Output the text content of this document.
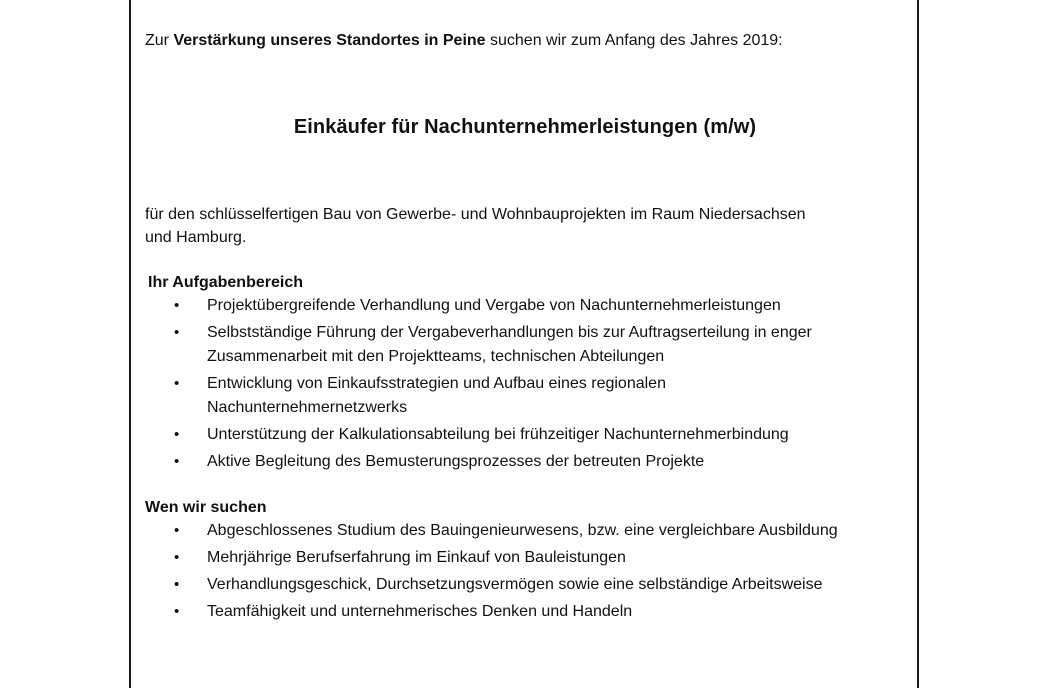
Zur Verstärkung unseres Standortes in Peine suchen wir zum Anfang des Jahres 2019:

Einkäufer für Nachunternehmerleistungen (m/w)

für den schlüsselfertigen Bau von Gewerbe- und Wohnbauprojekten im Raum Niedersachsen
und Hamburg.

Ihr Aufgabenbereich

• Projektübergreifende Verhandlung und Vergabe von Nachunternehmerleistungen
• Selbstständige Führung der Vergabeverhandlungen bis zur Auftragserteilung in enger
Zusammenarbeit mit den Projektteams, technischen Abteilungen
• Entwicklung von Einkaufsstrategien und Aufbau eines regionalen
Nachunternehmernetzwerks
• Unterstützung der Kalkulationsabteilung bei frühzeitiger Nachunternehmerbindung
• Aktive Begleitung des Bemusterungsprozesses der betreuten Projekte

Wen wir suchen

• Abgeschlossenes Studium des Bauingenieurwesens, bzw. eine vergleichbare Ausbildung
• Mehrjährige Berufserfahrung im Einkauf von Bauleistungen
• Verhandlungsgeschick, Durchsetzungsvermögen sowie eine selbständige Arbeitsweise
• Teamfähigkeit und unternehmerisches Denken und Handeln
